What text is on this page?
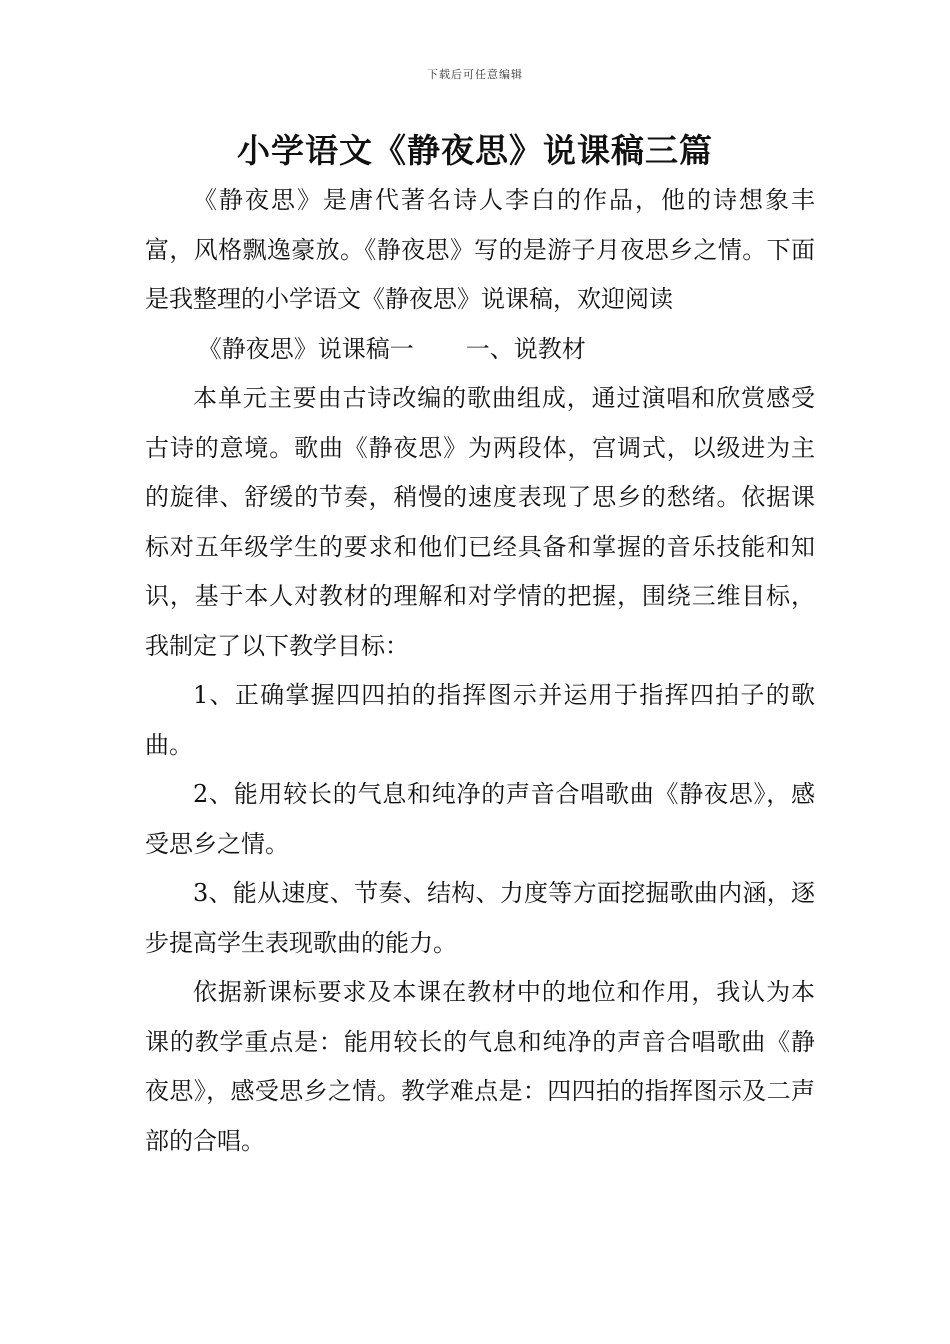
下载后可任意编辑
小学语文《静夜思》说课稿三篇

《静夜思》是唐代著名诗人李白的作品，他的诗想象丰富，风格飘逸豪放。《静夜思》写的是游子月夜思乡之情。下面是我整理的小学语文《静夜思》说课稿，欢迎阅读

《静夜思》说课稿一 一、说教材

本单元主要由古诗改编的歌曲组成，通过演唱和欣赏感受古诗的意境。歌曲《静夜思》为两段体，宫调式，以级进为主的旋律、舒缓的节奏，稍慢的速度表现了思乡的愁绪。依据课标对五年级学生的要求和他们已经具备和掌握的音乐技能和知识，基于本人对教材的理解和对学情的把握，围绕三维目标，我制定了以下教学目标：

1、正确掌握四四拍的指挥图示并运用于指挥四拍子的歌曲。

2、能用较长的气息和纯净的声音合唱歌曲《静夜思》，感受思乡之情。

3、能从速度、节奏、结构、力度等方面挖掘歌曲内涵，逐步提高学生表现歌曲的能力。

依据新课标要求及本课在教材中的地位和作用，我认为本课的教学重点是：能用较长的气息和纯净的声音合唱歌曲《静夜思》，感受思乡之情。教学难点是：四四拍的指挥图示及二声部的合唱。
